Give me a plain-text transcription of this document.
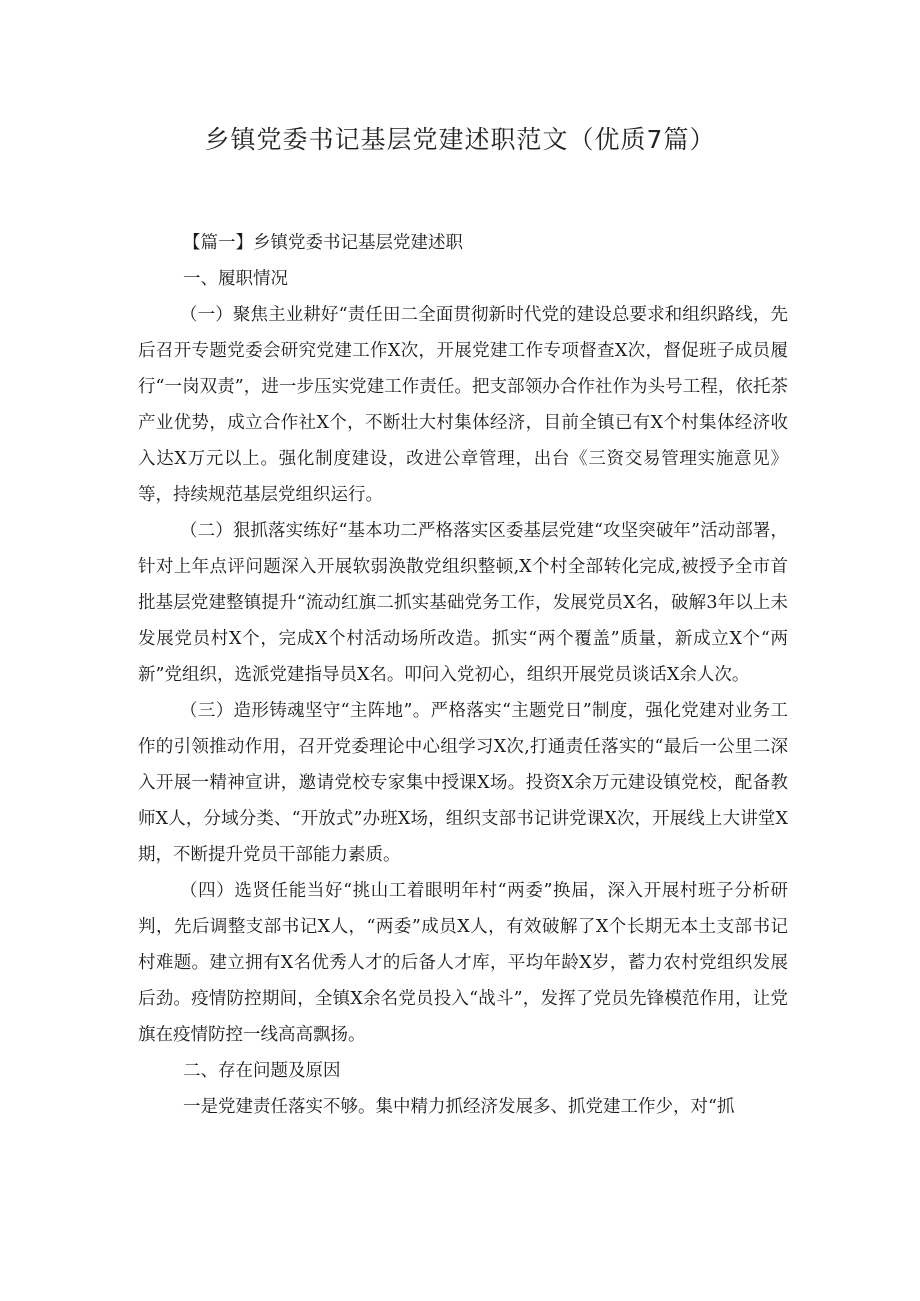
乡镇党委书记基层党建述职范文（优质7篇）

【篇一】乡镇党委书记基层党建述职

一、履职情况

（一）聚焦主业耕好“责任田二全面贯彻新时代党的建设总要求和组织路线，先后召开专题党委会研究党建工作X次，开展党建工作专项督查X次，督促班子成员履行“一岗双责”，进一步压实党建工作责任。把支部领办合作社作为头号工程，依托茶产业优势，成立合作社X个，不断壮大村集体经济，目前全镇已有X个村集体经济收入达X万元以上。强化制度建设，改进公章管理，出台《三资交易管理实施意见》等，持续规范基层党组织运行。

（二）狠抓落实练好“基本功二严格落实区委基层党建“攻坚突破年”活动部署，针对上年点评问题深入开展软弱涣散党组织整顿,X个村全部转化完成,被授予全市首批基层党建整镇提升“流动红旗二抓实基础党务工作，发展党员X名，破解3年以上未发展党员村X个，完成X个村活动场所改造。抓实“两个覆盖”质量，新成立X个“两新”党组织，选派党建指导员X名。叩问入党初心，组织开展党员谈话X余人次。

（三）造形铸魂坚守“主阵地”。严格落实“主题党日”制度，强化党建对业务工作的引领推动作用，召开党委理论中心组学习X次,打通责任落实的“最后一公里二深入开展一精神宣讲，邀请党校专家集中授课X场。投资X余万元建设镇党校，配备教师X人，分域分类、“开放式”办班X场，组织支部书记讲党课X次，开展线上大讲堂X期，不断提升党员干部能力素质。

（四）选贤任能当好“挑山工着眼明年村“两委”换届，深入开展村班子分析研判，先后调整支部书记X人，“两委”成员X人，有效破解了X个长期无本土支部书记村难题。建立拥有X名优秀人才的后备人才库，平均年龄X岁，蓄力农村党组织发展后劲。疫情防控期间，全镇X余名党员投入“战斗”，发挥了党员先锋模范作用，让党旗在疫情防控一线高高飘扬。

二、存在问题及原因

一是党建责任落实不够。集中精力抓经济发展多、抓党建工作少，对“抓
